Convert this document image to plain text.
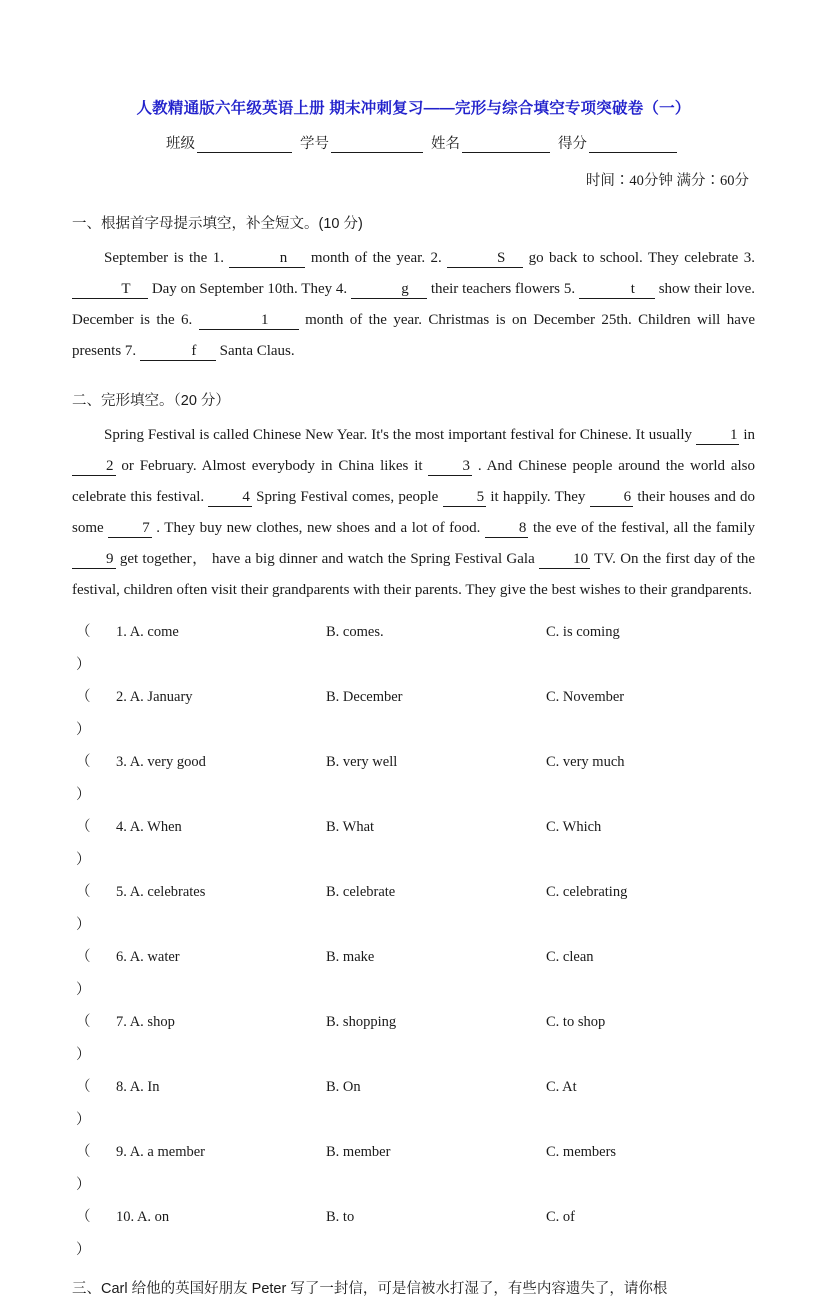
人教精通版六年级英语上册 期末冲刺复习——完形与综合填空专项突破卷（一）
班级	学号	姓名	得分
时间∶40分钟 满分∶60分
一、根据首字母提示填空，补全短文。(10 分)
September is the 1.	n month of the year. 2.	S go back to school. They celebrate 3. T Day on September 10th. They 4.	g their teachers flowers 5.	t show their love. December is the 6.	1 month of the year. Christmas is on December 25th. Children will have presents 7.	f Santa Claus.
二、完形填空。（20 分）
Spring Festival is called Chinese New Year. It's the most important festival for Chinese. It usually	1 in 2 or February. Almost everybody in China likes it	3 . And Chinese people around the world also celebrate this festival.	4 Spring Festival comes, people	5 it happily. They	6 their houses and do some	7 . They buy new clothes, new shoes and a lot of food.	8 the eve of the festival, all the family 9 get together， have a big dinner and watch the Spring Festival Gala	10 TV. On the first day of the festival, children often visit their grandparents with their parents. They give the best wishes to their grandparents.
（ ）
1. A. come	B. comes.	C. is coming
（ ）
2. A. January	B. December	C. November
（ ）
3. A. very good	B. very well	C. very much
（ ）
4. A. When	B. What	C. Which
（ ）
5. A. celebrates	B. celebrate	C. celebrating
（ ）
6. A. water	B. make	C. clean
（ ）
7. A. shop	B. shopping	C. to shop
（ ）
8. A. In	B. On	C. At
（ ）
9. A. a member	B. member	C. members
（ ）
10. A. on	B. to	C. of
三、Carl 给他的英国好朋友 Peter 写了一封信，可是信被水打湿了，有些内容遗失了，请你根
